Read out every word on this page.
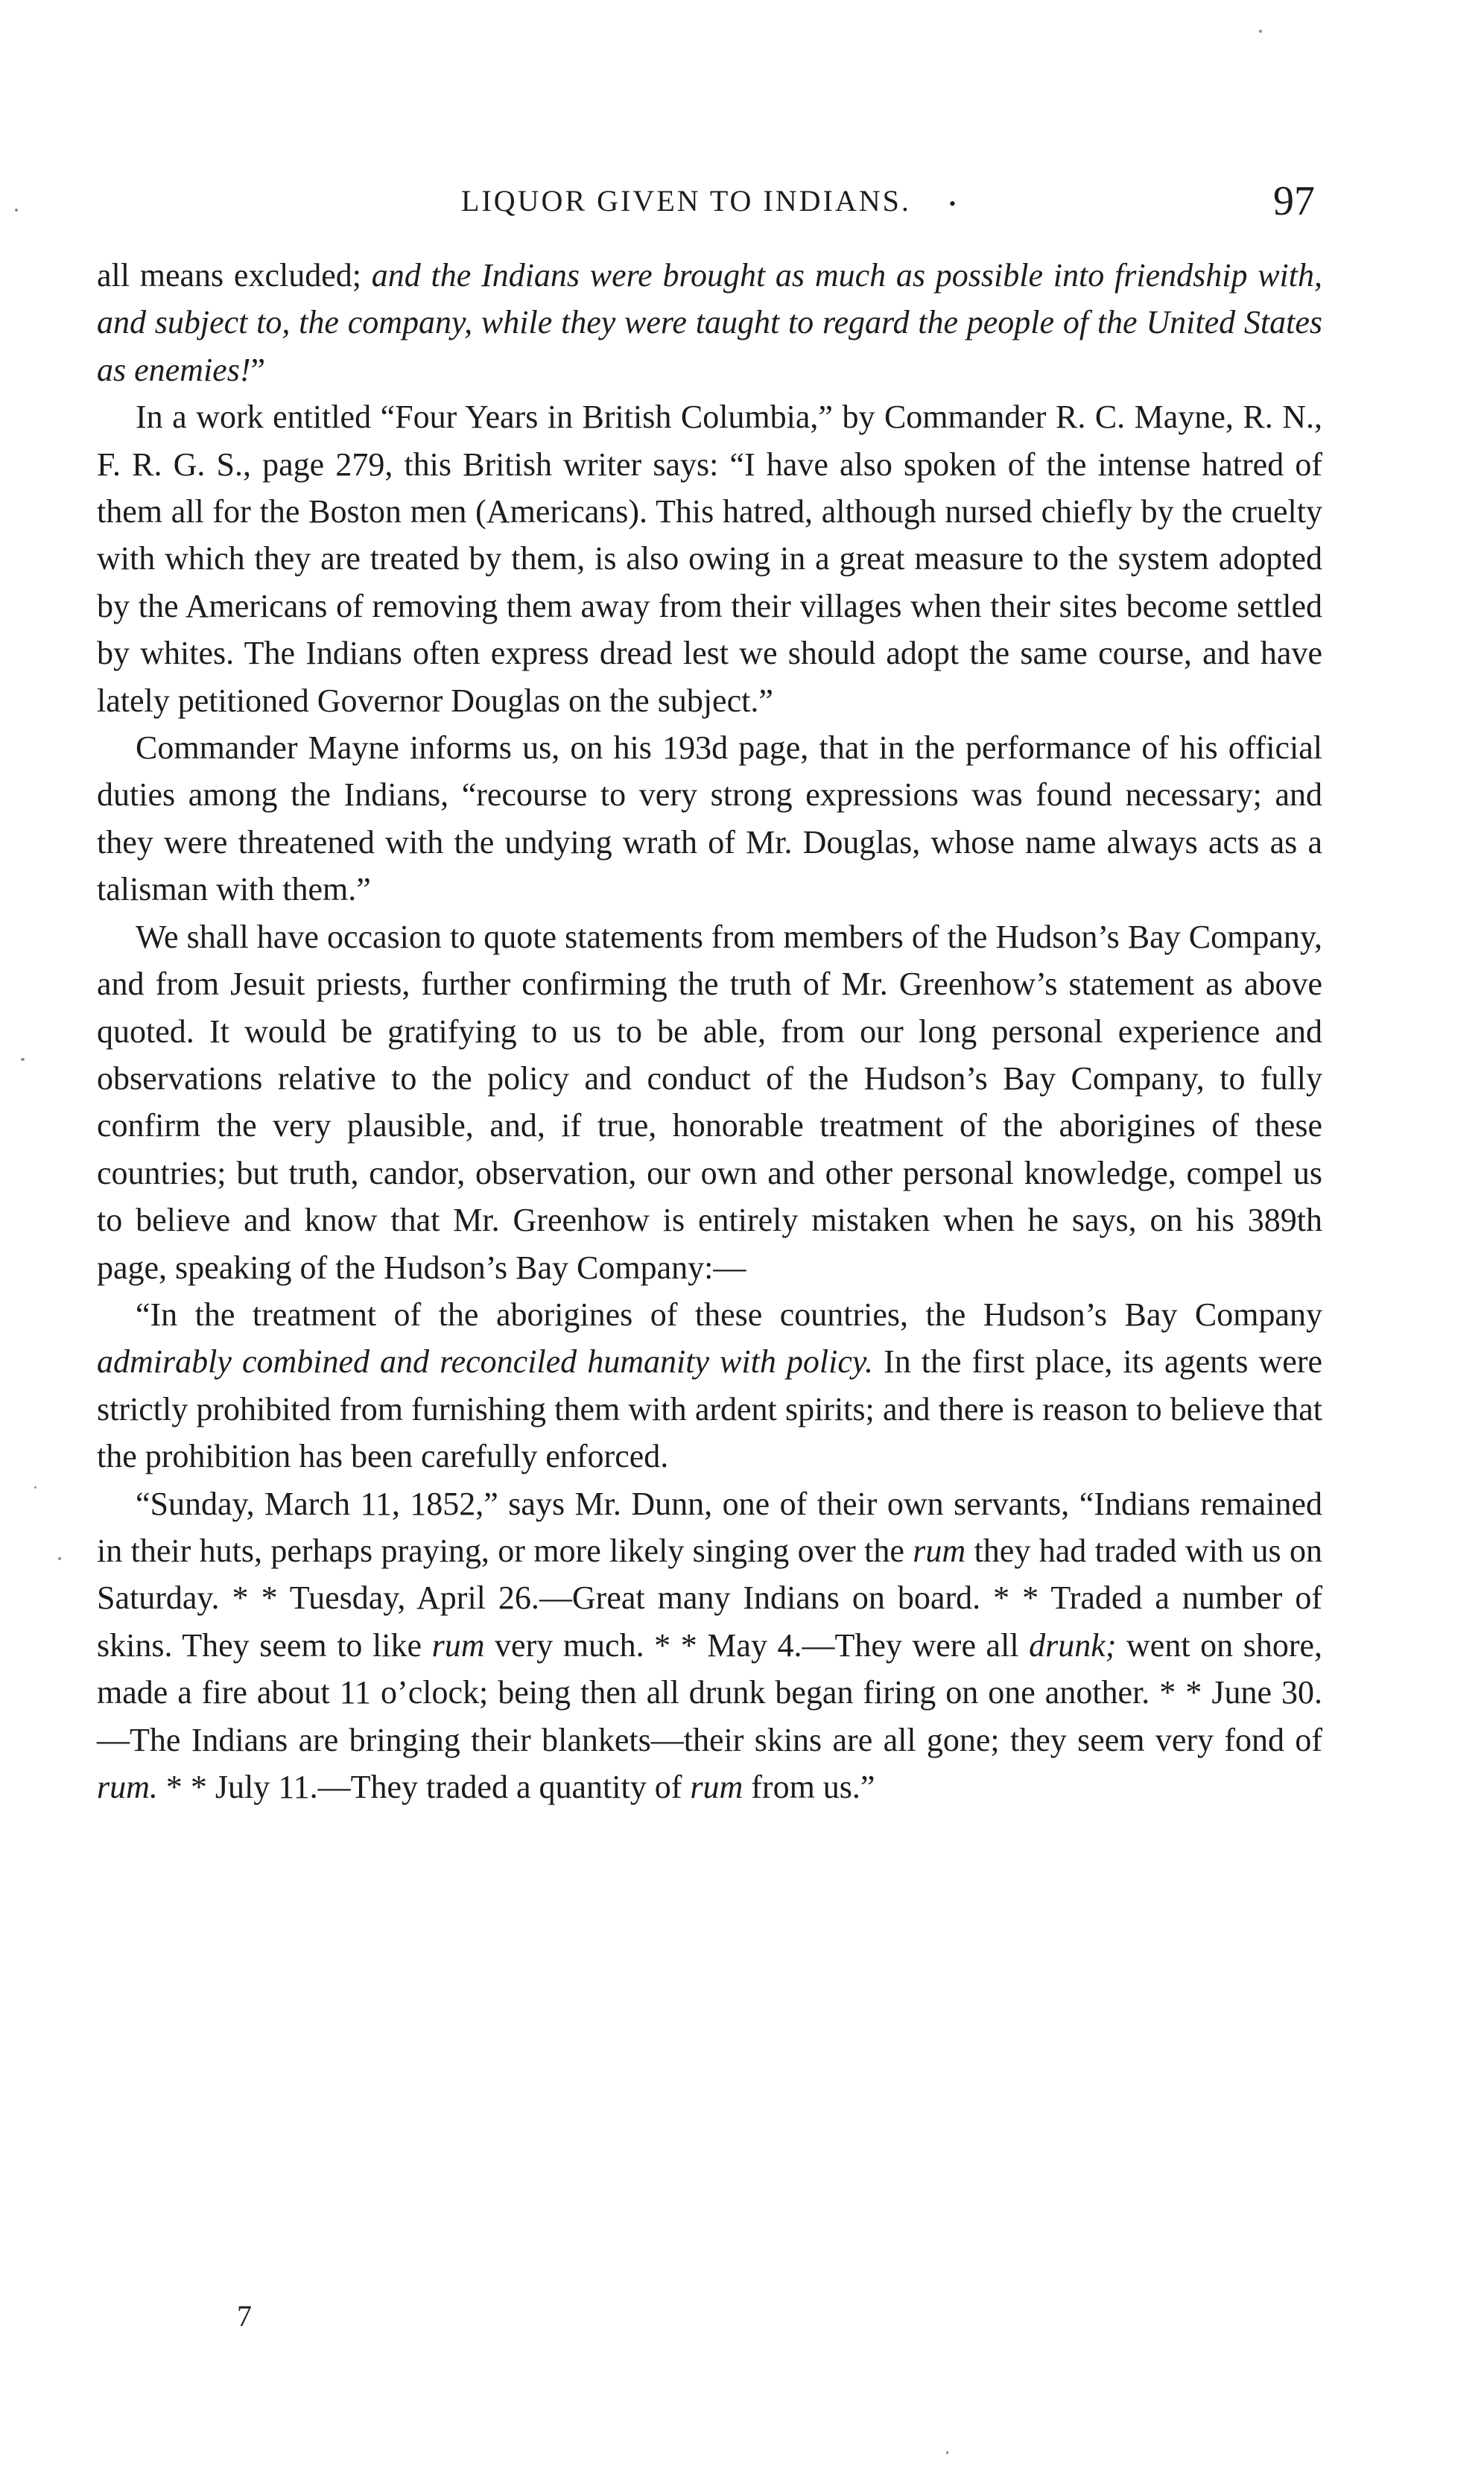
LIQUOR GIVEN TO INDIANS. •	97

all means excluded; and the Indians were brought as much as possible into friendship with, and subject to, the company, while they were taught to regard the people of the United States as enemies!”

In a work entitled “Four Years in British Columbia,” by Commander R. C. Mayne, R. N., F. R. G. S., page 279, this British writer says: “I have also spoken of the intense hatred of them all for the Boston men (Americans). This hatred, although nursed chiefly by the cruelty with which they are treated by them, is also owing in a great measure to the system adopted by the Americans of removing them away from their villages when their sites become settled by whites. The Indians often express dread lest we should adopt the same course, and have lately petitioned Governor Douglas on the subject.”

Commander Mayne informs us, on his 193d page, that in the performance of his official duties among the Indians, “recourse to very strong expressions was found necessary; and they were threatened with the undying wrath of Mr. Douglas, whose name always acts as a talisman with them.”

We shall have occasion to quote statements from members of the Hudson’s Bay Company, and from Jesuit priests, further confirming the truth of Mr. Greenhow’s statement as above quoted. It would be gratifying to us to be able, from our long personal experience and observations relative to the policy and conduct of the Hudson’s Bay Company, to fully confirm the very plausible, and, if true, honorable treatment of the aborigines of these countries; but truth, candor, observation, our own and other personal knowledge, compel us to believe and know that Mr. Greenhow is entirely mistaken when he says, on his 389th page, speaking of the Hudson’s Bay Company:—

“In the treatment of the aborigines of these countries, the Hudson’s Bay Company admirably combined and reconciled humanity with policy. In the first place, its agents were strictly prohibited from furnishing them with ardent spirits; and there is reason to believe that the prohibition has been carefully enforced.

“Sunday, March 11, 1852,” says Mr. Dunn, one of their own servants, “Indians remained in their huts, perhaps praying, or more likely singing over the rum they had traded with us on Saturday. * * Tuesday, April 26.—Great many Indians on board. * * Traded a number of skins. They seem to like rum very much. * * May 4.—They were all drunk; went on shore, made a fire about 11 o’clock; being then all drunk began firing on one another. * * June 30.—The Indians are bringing their blankets—their skins are all gone; they seem very fond of rum. * * July 11.—They traded a quantity of rum from us.”

7
